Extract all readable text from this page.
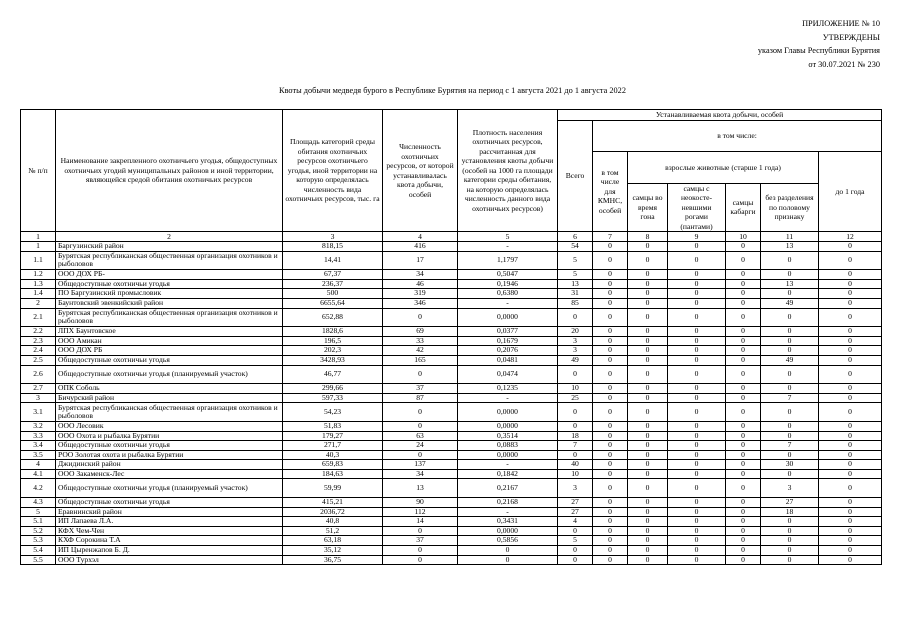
ПРИЛОЖЕНИЕ № 10
УТВЕРЖДЕНЫ
указом Главы Республики Бурятия
от 30.07.2021 № 230
Квоты добычи медведя бурого в Республике Бурятия на период с 1 августа 2021 до 1 августа 2022
№ п/п	Наименование закрепленного охотничьего угодья, общедоступных охотничьих угодий муниципальных районов и иной территории, являющейся средой обитания охотничьих ресурсов	Площадь категорий среды обитания охотничьих ресурсов охотничьего угодья, иной территории на которую определялась численность вида охотничьих ресурсов, тыс. га	Численность охотничьих ресурсов, от которой устанавливалась квота добычи, особей	Плотность населения охотничьих ресурсов, рассчитанная для установления квоты добычи (особей на 1000 га площади категории среды обитания, на которую определялась численность данного вида охотничьих ресурсов)	Устанавливаемая квота добычи, особей						
					Всего	в том числе:					
						в том числе для КМНС, особей	взрослые животные (старше 1 года)				до 1 года
							самцы во время гона	самцы с неокосте-невшими рогами (пантами)	самцы кабарги	без разделения по половому признаку	
1	2	3	4	5	6	7	8	9	10	11	12
1	Баргузинский район	818,15	416	-	54	0	0	0	0	13	0
1.1	Бурятская республиканская общественная организация охотников и рыболовов	14,41	17	1,1797	5	0	0	0	0	0	0
1.2	ООО ДОХ РБ-	67,37	34	0,5047	5	0	0	0	0	0	0
1.3	Общедоступные охотничьи угодья	236,37	46	0,1946	13	0	0	0	0	13	0
1.4	ПО Баргузинский промысловик	500	319	0,6380	31	0	0	0	0	0	0
2	Баунтовский эвенкийский район	6655,64	346	-	85	0	0	0	0	49	0
2.1	Бурятская республиканская общественная организация охотников и рыболовов	652,88	0	0,0000	0	0	0	0	0	0	0
2.2	ЛПХ Баунтовское	1828,6	69	0,0377	20	0	0	0	0	0	0
2.3	ООО Амикан	196,5	33	0,1679	3	0	0	0	0	0	0
2.4	ООО ДОХ РБ	202,3	42	0,2076	3	0	0	0	0	0	0
2.5	Общедоступные охотничьи угодья	3428,93	165	0,0481	49	0	0	0	0	49	0
2.6	Общедоступные охотничьи угодья (планируемый участок)	46,77	0	0,0474	0	0	0	0	0	0	0
2.7	ОПК Соболь	299,66	37	0,1235	10	0	0	0	0	0	0
3	Бичурский район	597,33	87	-	25	0	0	0	0	7	0
3.1	Бурятская республиканская общественная организация охотников и рыболовов	54,23	0	0,0000	0	0	0	0	0	0	0
3.2	ООО Лесовик	51,83	0	0,0000	0	0	0	0	0	0	0
3.3	ООО Охота и рыбалка Бурятии	179,27	63	0,3514	18	0	0	0	0	0	0
3.4	Общедоступные охотничьи угодья	271,7	24	0,0883	7	0	0	0	0	7	0
3.5	РОО Золотая охота и рыбалка Бурятии	40,3	0	0,0000	0	0	0	0	0	0	0
4	Джидинский район	659,83	137	-	40	0	0	0	0	30	0
4.1	ООО Закаменск-Лес	184,63	34	0,1842	10	0	0	0	0	0	0
4.2	Общедоступные охотничьи угодья (планируемый участок)	59,99	13	0,2167	3	0	0	0	0	3	0
4.3	Общедоступные охотничьи угодья	415,21	90	0,2168	27	0	0	0	0	27	0
5	Еравнинский район	2036,72	112	-	27	0	0	0	0	18	0
5.1	ИП Лапаева Л.А.	40,8	14	0,3431	4	0	0	0	0	0	0
5.2	КФХ Чем-Чен	51,2	0	0,0000	0	0	0	0	0	0	0
5.3	КХФ Сорокина Т.А	63,18	37	0,5856	5	0	0	0	0	0	0
5.4	ИП Цыренжапов Б. Д.	35,12	0	0	0	0	0	0	0	0	0
5.5	ООО Турхэл	36,75	0	0	0	0	0	0	0	0	0
